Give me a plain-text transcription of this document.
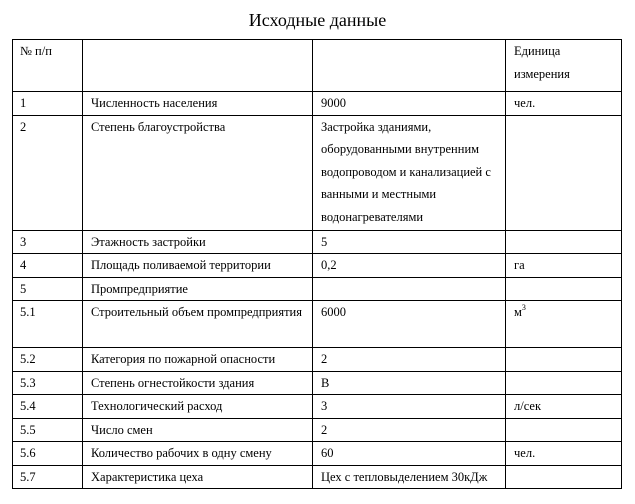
Исходные данные
№ п/п			Единица измерения
1	Численность населения	9000	чел.
2	Степень благоустройства	Застройка зданиями, оборудованными внутренним водопроводом и канализацией с ванными и местными водонагревателями	
3	Этажность застройки	5	
4	Площадь поливаемой территории	0,2	га
5	Промпредприятие		
5.1	Строительный объем промпредприятия	6000	$м^3$
5.2	Категория по пожарной опасности	2	
5.3	Степень огнестойкости здания	В	
5.4	Технологический расход	3	л/сек
5.5	Число смен	2	
5.6	Количество рабочих в одну смену	60	чел.
5.7	Характеристика цеха	Цех с тепловыделением 30кДж	
